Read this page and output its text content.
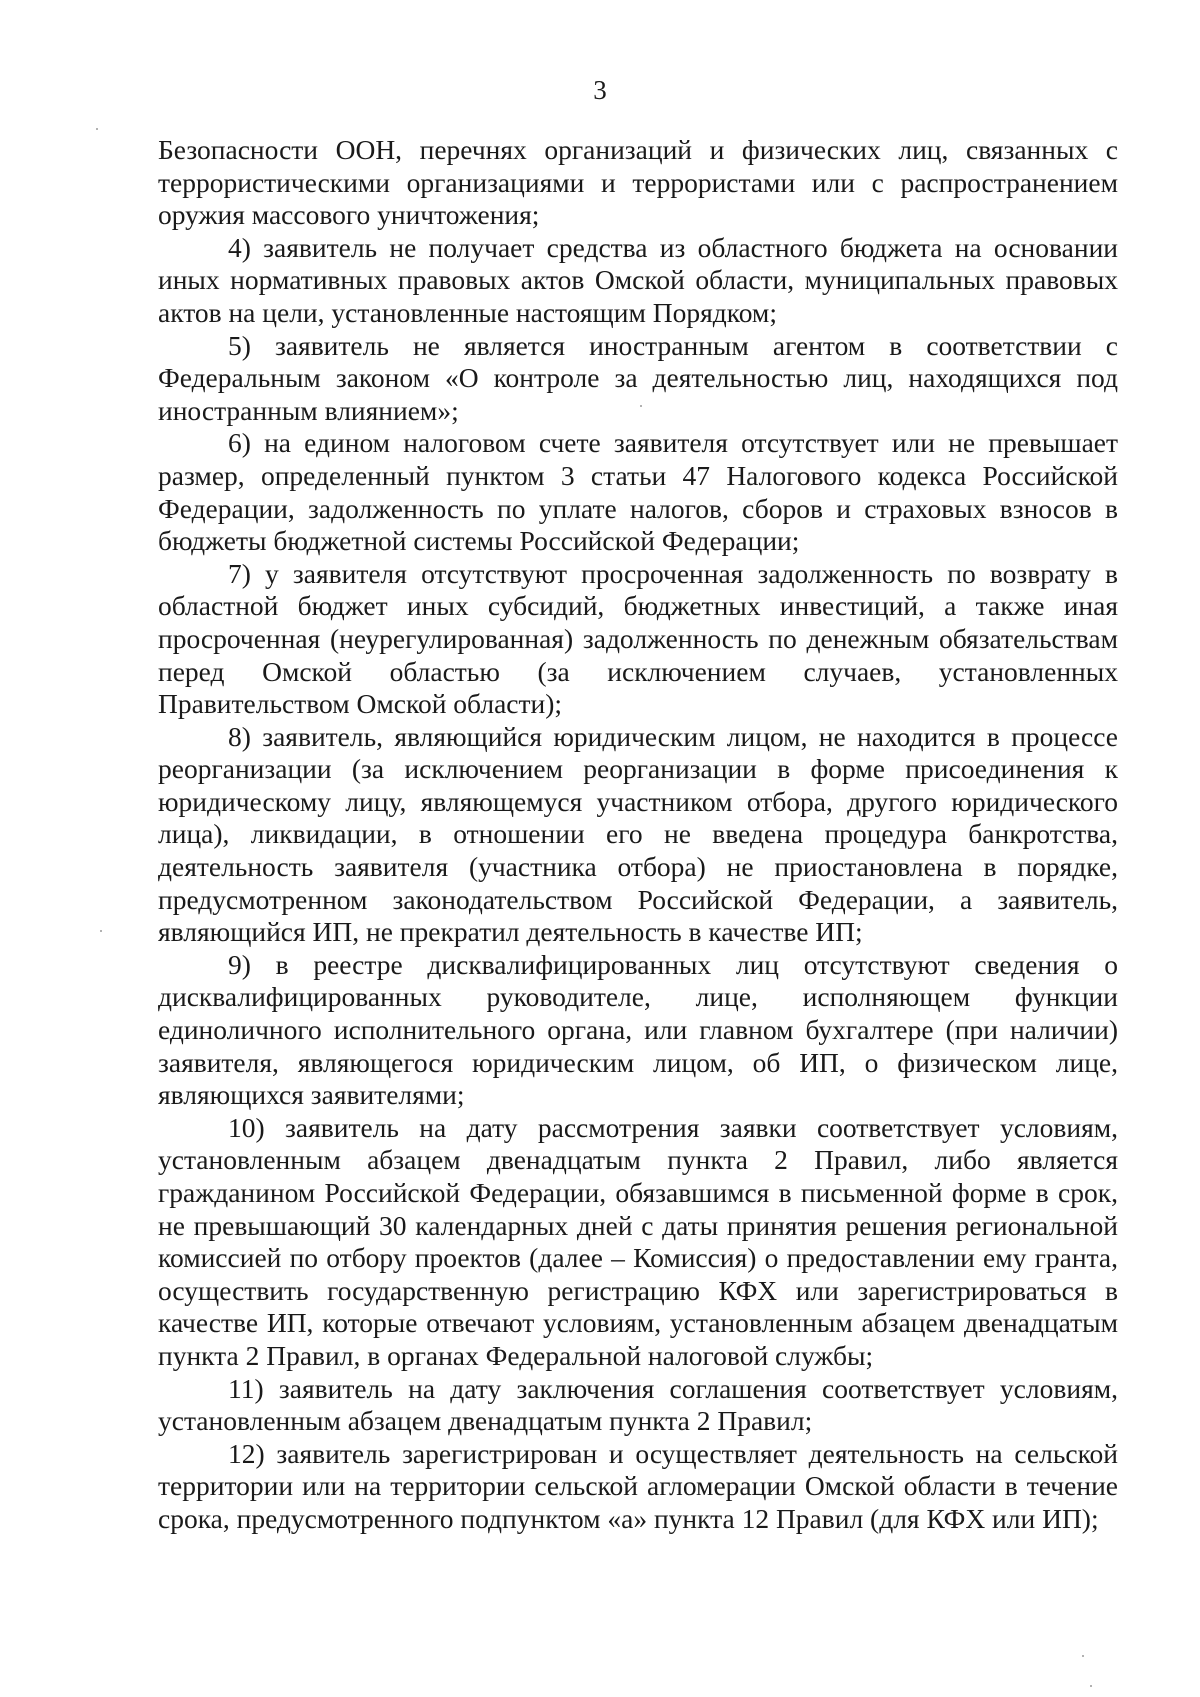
3

Безопасности ООН, перечнях организаций и физических лиц, связанных с террористическими организациями и террористами или с распространением оружия массового уничтожения;

4) заявитель не получает средства из областного бюджета на основании иных нормативных правовых актов Омской области, муниципальных правовых актов на цели, установленные настоящим Порядком;

5) заявитель не является иностранным агентом в соответствии с Федеральным законом «О контроле за деятельностью лиц, находящихся под иностранным влиянием»;

6) на едином налоговом счете заявителя отсутствует или не превышает размер, определенный пунктом 3 статьи 47 Налогового кодекса Российской Федерации, задолженность по уплате налогов, сборов и страховых взносов в бюджеты бюджетной системы Российской Федерации;

7) у заявителя отсутствуют просроченная задолженность по возврату в областной бюджет иных субсидий, бюджетных инвестиций, а также иная просроченная (неурегулированная) задолженность по денежным обязательствам перед Омской областью (за исключением случаев, установленных Правительством Омской области);

8) заявитель, являющийся юридическим лицом, не находится в процессе реорганизации (за исключением реорганизации в форме присоединения к юридическому лицу, являющемуся участником отбора, другого юридического лица), ликвидации, в отношении его не введена процедура банкротства, деятельность заявителя (участника отбора) не приостановлена в порядке, предусмотренном законодательством Российской Федерации, а заявитель, являющийся ИП, не прекратил деятельность в качестве ИП;

9) в реестре дисквалифицированных лиц отсутствуют сведения о дисквалифицированных руководителе, лице, исполняющем функции единоличного исполнительного органа, или главном бухгалтере (при наличии) заявителя, являющегося юридическим лицом, об ИП, о физическом лице, являющихся заявителями;

10) заявитель на дату рассмотрения заявки соответствует условиям, установленным абзацем двенадцатым пункта 2 Правил, либо является гражданином Российской Федерации, обязавшимся в письменной форме в срок, не превышающий 30 календарных дней с даты принятия решения региональной комиссией по отбору проектов (далее – Комиссия) о предоставлении ему гранта, осуществить государственную регистрацию КФХ или зарегистрироваться в качестве ИП, которые отвечают условиям, установленным абзацем двенадцатым пункта 2 Правил, в органах Федеральной налоговой службы;

11) заявитель на дату заключения соглашения соответствует условиям, установленным абзацем двенадцатым пункта 2 Правил;

12) заявитель зарегистрирован и осуществляет деятельность на сельской территории или на территории сельской агломерации Омской области в течение срока, предусмотренного подпунктом «а» пункта 12 Правил (для КФХ или ИП);
